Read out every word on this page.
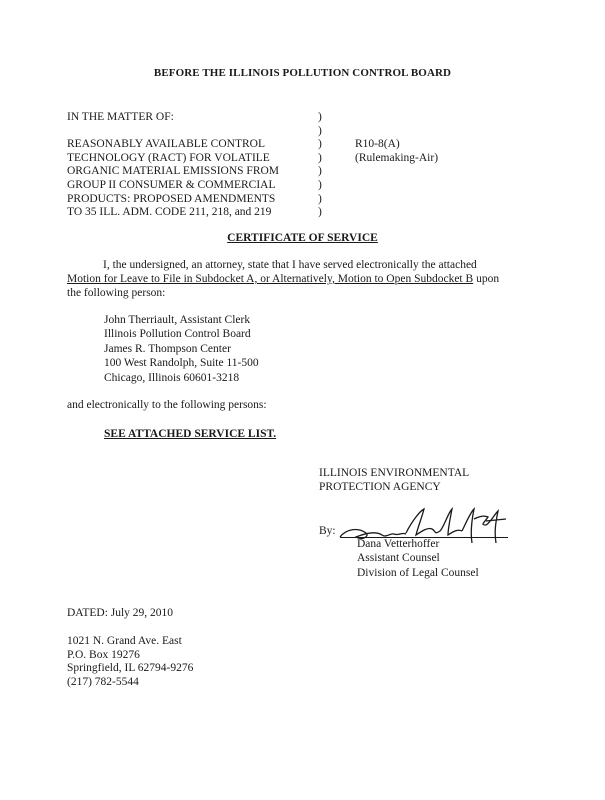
BEFORE THE ILLINOIS POLLUTION CONTROL BOARD
IN THE MATTER OF:
REASONABLY AVAILABLE CONTROL
TECHNOLOGY (RACT) FOR VOLATILE
ORGANIC MATERIAL EMISSIONS FROM
GROUP II CONSUMER & COMMERCIAL
PRODUCTS: PROPOSED AMENDMENTS
TO 35 ILL. ADM. CODE 211, 218, and 219
)
)
)
)
)
)
)
)
R10-8(A)
(Rulemaking-Air)
CERTIFICATE OF SERVICE
I, the undersigned, an attorney, state that I have served electronically the attached Motion for Leave to File in Subdocket A, or Alternatively, Motion to Open Subdocket B upon the following person:
John Therriault, Assistant Clerk
Illinois Pollution Control Board
James R. Thompson Center
100 West Randolph, Suite 11-500
Chicago, Illinois 60601-3218
and electronically to the following persons:
SEE ATTACHED SERVICE LIST.
ILLINOIS ENVIRONMENTAL
PROTECTION AGENCY
By:
Dana Vetterhoffer
Assistant Counsel
Division of Legal Counsel
DATED: July 29, 2010
1021 N. Grand Ave. East
P.O. Box 19276
Springfield, IL 62794-9276
(217) 782-5544
